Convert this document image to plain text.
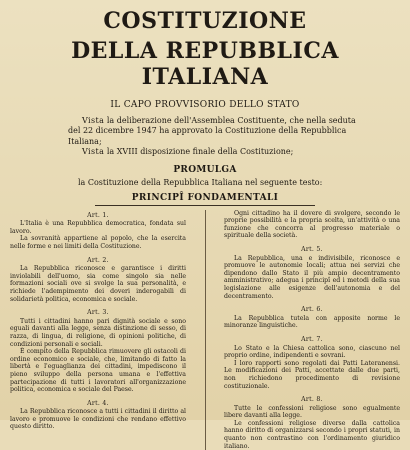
COSTITUZIONE
DELLA REPUBBLICA ITALIANA
IL CAPO PROVVISORIO DELLO STATO

Vista la deliberazione dell'Assemblea Costituente, che nella seduta del 22 dicembre 1947 ha approvato la Costituzione della Repubblica Italiana;

Vista la XVIII disposizione finale della Costituzione;

PROMULGA
la Costituzione della Repubblica Italiana nel seguente testo:
PRINCIPÎ FONDAMENTALI
Art. 1.

L'Italia è una Repubblica democratica, fondata sul lavoro.

La sovranità appartiene al popolo, che la esercita nelle forme e nei limiti della Costituzione.

Art. 2.

La Repubblica riconosce e garantisce i diritti inviolabili dell'uomo, sia come singolo sia nelle formazioni sociali ove si svolge la sua personalità, e richiede l'adempimento dei doveri inderogabili di solidarietà politica, economica e sociale.

Art. 3.

Tutti i cittadini hanno pari dignità sociale e sono eguali davanti alla legge, senza distinzione di sesso, di razza, di lingua, di religione, di opinioni politiche, di condizioni personali e sociali.

È compito della Repubblica rimuovere gli ostacoli di ordine economico e sociale, che, limitando di fatto la libertà e l'eguaglianza dei cittadini, impediscono il pieno sviluppo della persona umana e l'effettiva partecipazione di tutti i lavoratori all'organizzazione politica, economica e sociale del Paese.

Art. 4.

La Repubblica riconosce a tutti i cittadini il diritto al lavoro e promuove le condizioni che rendano effettivo questo diritto.

Ogni cittadino ha il dovere di svolgere, secondo le proprie possibilità e la propria scelta, un'attività o una funzione che concorra al progresso materiale o spirituale della società.

Art. 5.

La Repubblica, una e indivisibile, riconosce e promuove le autonomie locali; attua nei servizi che dipendono dallo Stato il più ampio decentramento amministrativo; adegua i principî ed i metodi della sua legislazione alle esigenze dell'autonomia e del decentramento.

Art. 6.

La Repubblica tutela con apposite norme le minoranze linguistiche.

Art. 7.

Lo Stato e la Chiesa cattolica sono, ciascuno nel proprio ordine, indipendenti e sovrani.

I loro rapporti sono regolati dai Patti Lateranensi. Le modificazioni dei Patti, accettate dalle due parti, non richiedono procedimento di revisione costituzionale.

Art. 8.

Tutte le confessioni religiose sono egualmente libere davanti alla legge.

Le confessioni religiose diverse dalla cattolica hanno diritto di organizzarsi secondo i propri statuti, in quanto non contrastino con l'ordinamento giuridico italiano.
